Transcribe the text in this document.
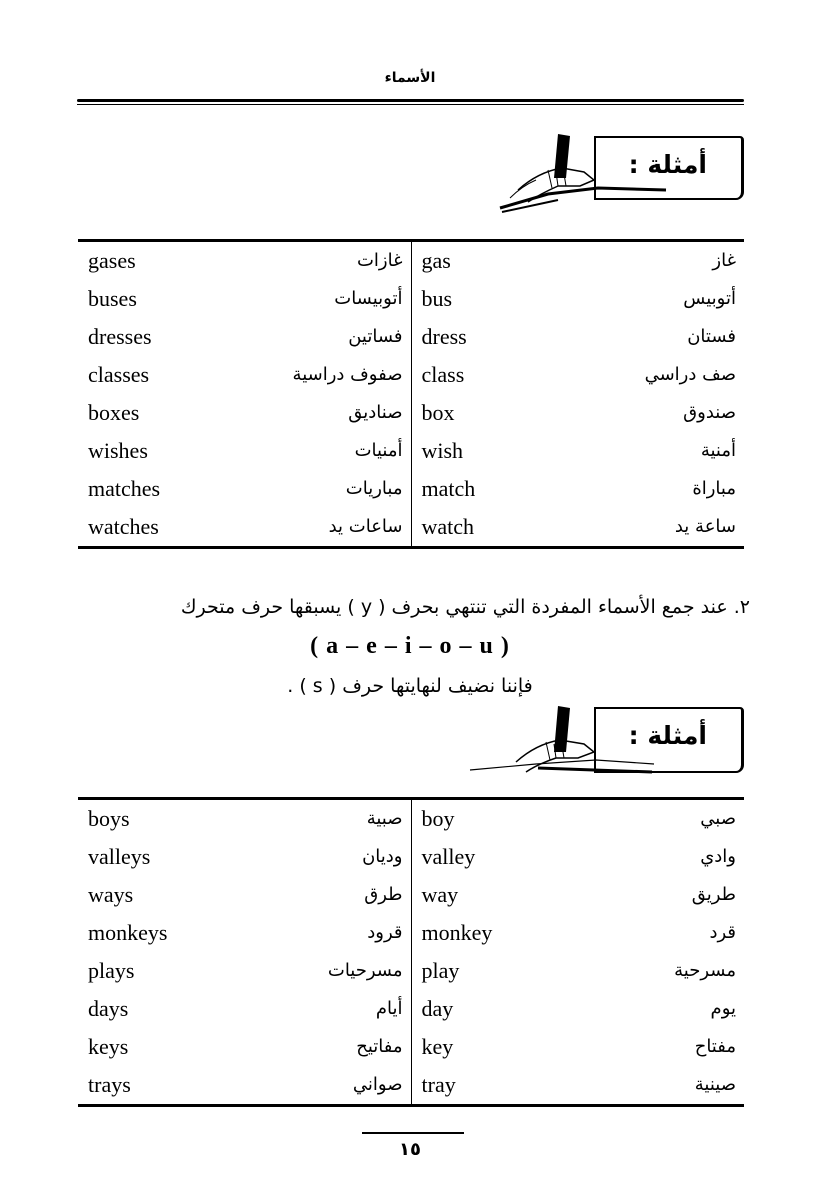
الأسماء
أمثلة :
gases	غازات	gas	غاز
buses	أتوبيسات	bus	أتوبيس
dresses	فساتين	dress	فستان
classes	صفوف دراسية	class	صف دراسي
boxes	صناديق	box	صندوق
wishes	أمنيات	wish	أمنية
matches	مباريات	match	مباراة
watches	ساعات يد	watch	ساعة يد
٢. عند جمع الأسماء المفردة التي تنتهي بحرف ( y ) يسبقها حرف متحرك
( a – e – i – o – u )
فإننا نضيف لنهايتها حرف ( s ) .
أمثلة :
boys	صبية	boy	صبي
valleys	وديان	valley	وادي
ways	طرق	way	طريق
monkeys	قرود	monkey	قرد
plays	مسرحيات	play	مسرحية
days	أيام	day	يوم
keys	مفاتيح	key	مفتاح
trays	صواني	tray	صينية
١٥
